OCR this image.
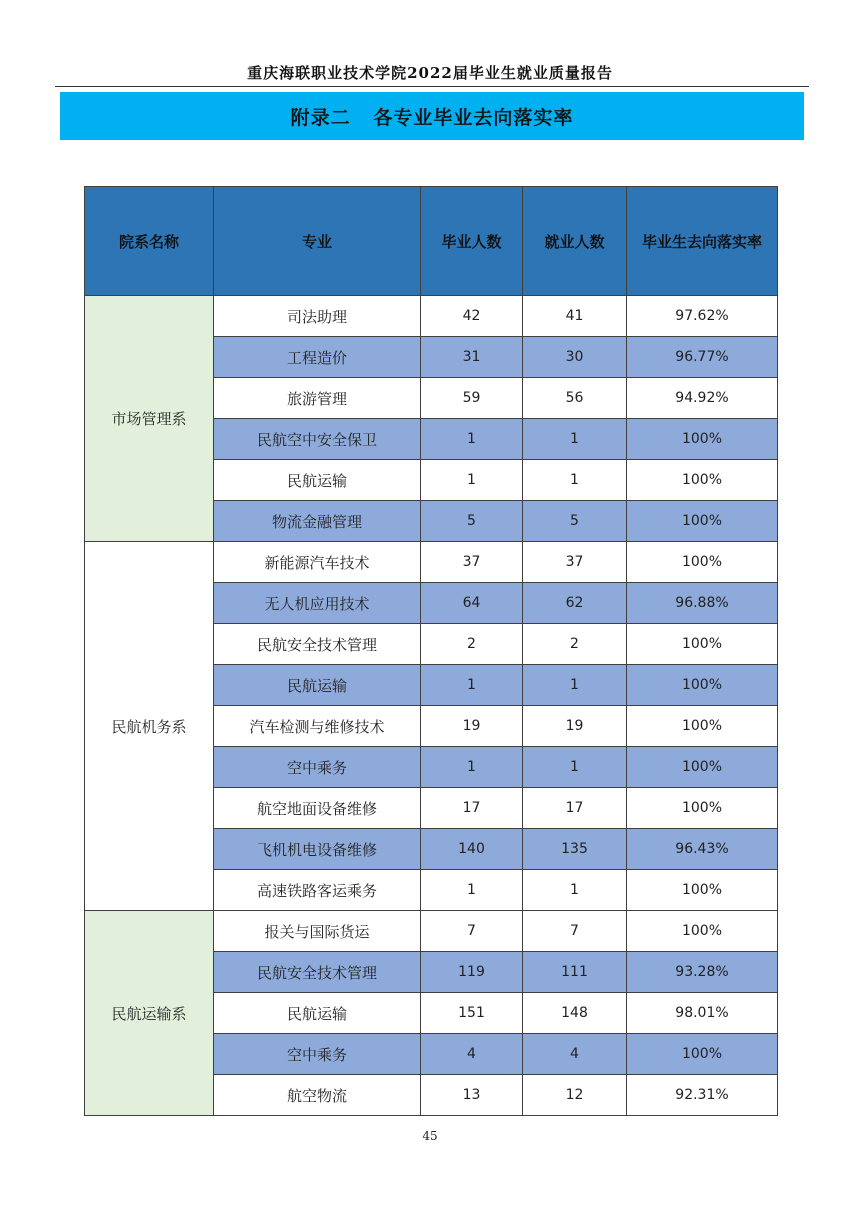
重庆海联职业技术学院2022届毕业生就业质量报告
附录二   各专业毕业去向落实率
院系名称	专业	毕业人数	就业人数	毕业生去向落实率
市场管理系	司法助理	42	41	97.62%
	工程造价	31	30	96.77%
	旅游管理	59	56	94.92%
	民航空中安全保卫	1	1	100%
	民航运输	1	1	100%
	物流金融管理	5	5	100%
民航机务系	新能源汽车技术	37	37	100%
	无人机应用技术	64	62	96.88%
	民航安全技术管理	2	2	100%
	民航运输	1	1	100%
	汽车检测与维修技术	19	19	100%
	空中乘务	1	1	100%
	航空地面设备维修	17	17	100%
	飞机机电设备维修	140	135	96.43%
	高速铁路客运乘务	1	1	100%
民航运输系	报关与国际货运	7	7	100%
	民航安全技术管理	119	111	93.28%
	民航运输	151	148	98.01%
	空中乘务	4	4	100%
	航空物流	13	12	92.31%
45
